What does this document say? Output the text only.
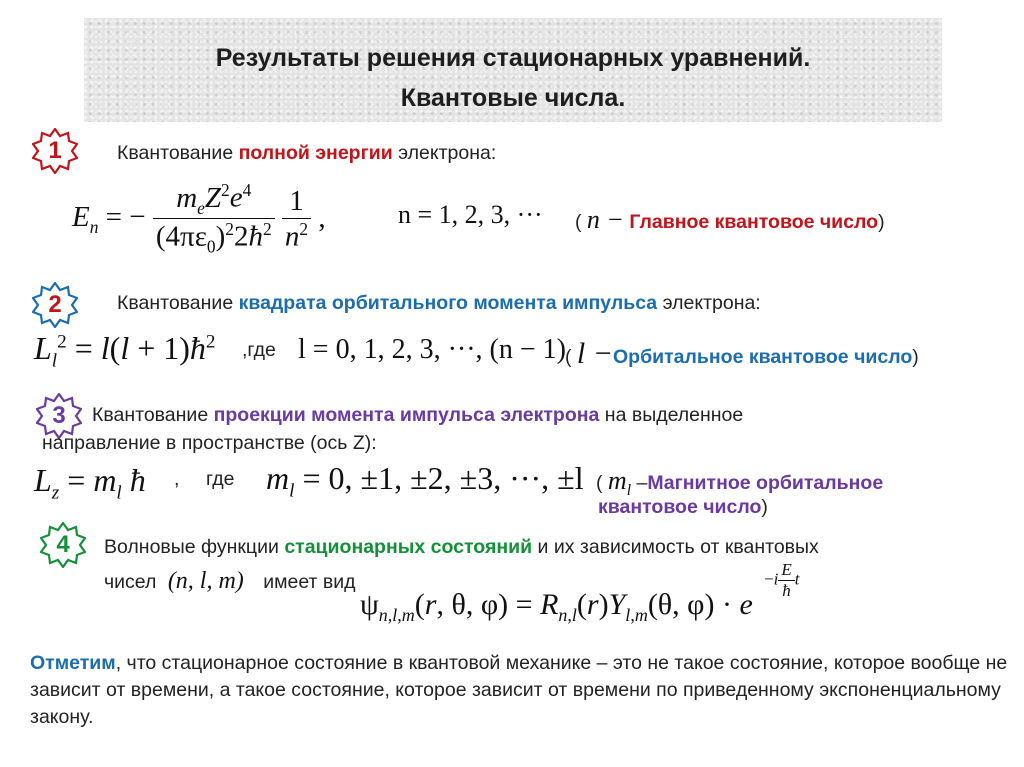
Результаты решения стационарных уравнений.
Квантовые числа.
1	Квантование полной энергии электрона:
$E_n$ = − $\frac{m_eZ^2e^4}{(4\pi\varepsilon_0)^22ħ^2}$
$\frac{1}{n^2}$ ,	n = 1, 2, 3, ··· ( n − Главное квантовое число)
2	Квантование квадрата орбитального момента импульса электрона:
$L_l^2 = l(l$ + $1)ħ^2$ ,где l = 0, 1, 2, 3, ···, (n − 1) ( l −Орбитальное квантовое число)
3	Квантование проекции момента импульса электрона на выделенное
направление в пространстве (ось Z):
$L_z = m_l$ ħ , где $m_l = 0$, ±1, ±2, ±3, ···, ±l ( $m_l$ –Магнитное орбитальное
квантовое число)
4	Волновые функции стационарных состояний и их зависимость от квантовых
чисел (n, l, m) имеет вид
$\psi_{n,l,m}(r$, θ, $\varphi) = R_{n,l}(r)Y_{l,m}(\theta$, φ) · e
$-i \frac{E}{ħ}$ t
Отметим, что стационарное состояние в квантовой механике – это не такое состояние, которое вообще не зависит от времени, а такое состояние, которое зависит от времени по приведенному экспоненциальному закону.
